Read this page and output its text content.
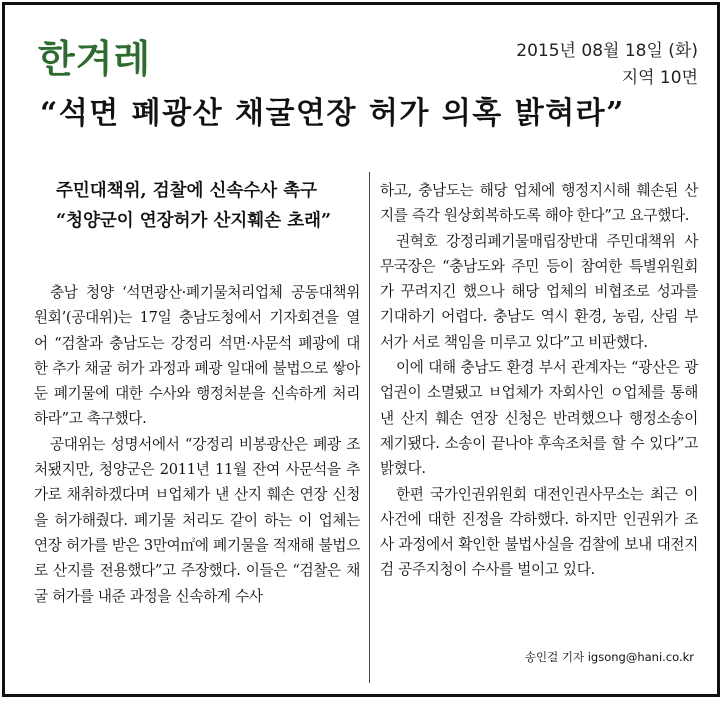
한겨레	2015년 08월 18일 (화)
지역 10면
“석면 폐광산 채굴연장 허가 의혹 밝혀라”
주민대책위, 검찰에 신속수사 촉구
“청양군이 연장허가 산지훼손 초래”

충남 청양 ‘석면광산·폐기물처리업체 공동대책위원회’(공대위)는 17일 충남도청에서 기자회견을 열어 “검찰과 충남도는 강정리 석면·사문석 폐광에 대한 추가 채굴 허가 과정과 폐광 일대에 불법으로 쌓아둔 폐기물에 대한 수사와 행정처분을 신속하게 처리하라”고 촉구했다.

공대위는 성명서에서 “강정리 비봉광산은 폐광 조처됐지만, 청양군은 2011년 11월 잔여 사문석을 추가로 채취하겠다며 ㅂ업체가 낸 산지 훼손 연장 신청을 허가해줬다. 폐기물 처리도 같이 하는 이 업체는 연장 허가를 받은 3만여㎡에 폐기물을 적재해 불법으로 산지를 전용했다”고 주장했다. 이들은 “검찰은 채굴 허가를 내준 과정을 신속하게 수사

하고, 충남도는 해당 업체에 행정지시해 훼손된 산지를 즉각 원상회복하도록 해야 한다”고 요구했다.

권혁호 강정리폐기물매립장반대 주민대책위 사무국장은 “충남도와 주민 등이 참여한 특별위원회가 꾸려지긴 했으나 해당 업체의 비협조로 성과를 기대하기 어렵다. 충남도 역시 환경, 농림, 산림 부서가 서로 책임을 미루고 있다”고 비판했다.

이에 대해 충남도 환경 부서 관계자는 “광산은 광업권이 소멸됐고 ㅂ업체가 자회사인 ㅇ업체를 통해 낸 산지 훼손 연장 신청은 반려했으나 행정소송이 제기됐다. 소송이 끝나야 후속조처를 할 수 있다”고 밝혔다.

한편 국가인권위원회 대전인권사무소는 최근 이 사건에 대한 진정을 각하했다. 하지만 인권위가 조사 과정에서 확인한 불법사실을 검찰에 보내 대전지검 공주지청이 수사를 벌이고 있다.

송인걸 기자 igsong@hani.co.kr
